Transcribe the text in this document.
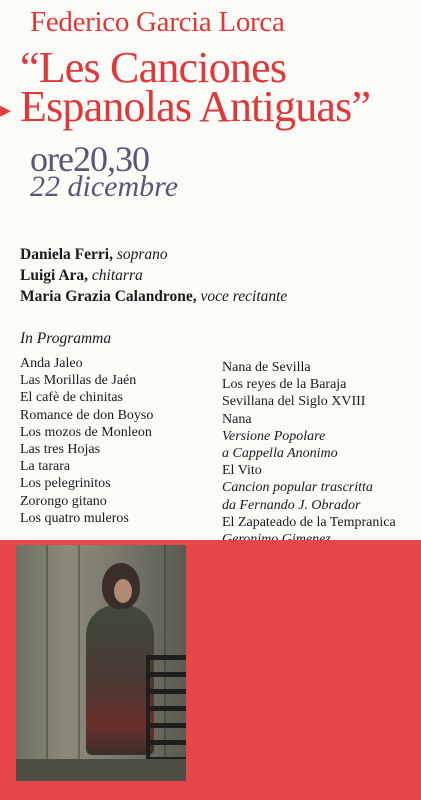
▸
Federico Garcia Lorca
“Les Canciones
Espanolas Antiguas”
ore20,30
22 dicembre
Daniela Ferri, soprano
Luigi Ara, chitarra
Maria Grazia Calandrone, voce recitante
In Programma
Anda Jaleo
Las Morillas de Jaén
El cafè de chinitas
Romance de don Boyso
Los mozos de Monleon
Las tres Hojas
La tarara
Los pelegrinitos
Zorongo gitano
Los quatro muleros
Nana de Sevilla
Los reyes de la Baraja
Sevillana del Siglo XVIII
Nana
Versione Popolare
a Cappella Anonimo
El Vito
Cancion popular trascritta
da Fernando J. Obrador
El Zapateado de la Tempranica
